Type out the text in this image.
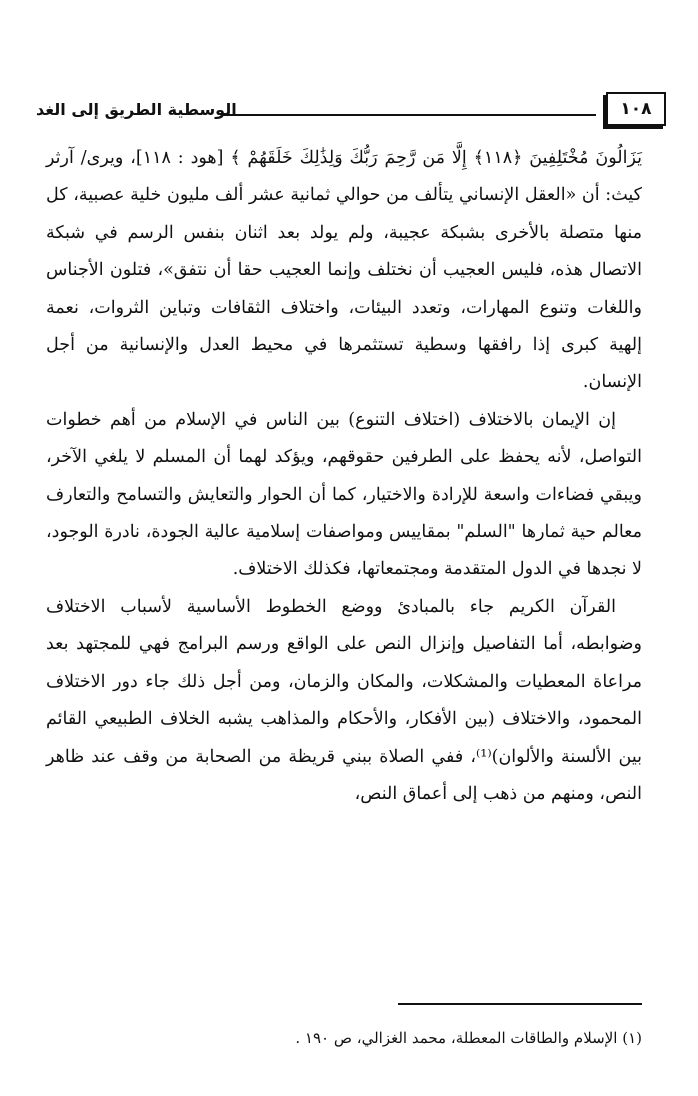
الوسطية الطريق إلى الغد	١٠٨

يَزَالُونَ مُخْتَلِفِينَ ﴿١١٨﴾ إِلَّا مَن رَّحِمَ رَبُّكَ وَلِذَٰلِكَ خَلَقَهُمْ ﴾ [هود : ١١٨]، ويرى/ آرثر كيث: أن «العقل الإنساني يتألف من حوالي ثمانية عشر ألف مليون خلية عصبية، كل منها متصلة بالأخرى بشبكة عجيبة، ولم يولد بعد اثنان بنفس الرسم في شبكة الاتصال هذه، فليس العجيب أن نختلف وإنما العجيب حقا أن نتفق»، فتلون الأجناس واللغات وتنوع المهارات، وتعدد البيئات، واختلاف الثقافات وتباين الثروات، نعمة إلهية كبرى إذا رافقها وسطية تستثمرها في محيط العدل والإنسانية من أجل الإنسان.

إن الإيمان بالاختلاف (اختلاف التنوع) بين الناس في الإسلام من أهم خطوات التواصل، لأنه يحفظ على الطرفين حقوقهم، ويؤكد لهما أن المسلم لا يلغي الآخر، ويبقي فضاءات واسعة للإرادة والاختيار، كما أن الحوار والتعايش والتسامح والتعارف معالم حية ثمارها "السلم" بمقاييس ومواصفات إسلامية عالية الجودة، نادرة الوجود، لا نجدها في الدول المتقدمة ومجتمعاتها، فكذلك الاختلاف.

القرآن الكريم جاء بالمبادئ ووضع الخطوط الأساسية لأسباب الاختلاف وضوابطه، أما التفاصيل وإنزال النص على الواقع ورسم البرامج فهي للمجتهد بعد مراعاة المعطيات والمشكلات، والمكان والزمان، ومن أجل ذلك جاء دور الاختلاف المحمود، والاختلاف (بين الأفكار، والأحكام والمذاهب يشبه الخلاف الطبيعي القائم بين الألسنة والألوان)⁽¹⁾، ففي الصلاة ببني قريظة من الصحابة من وقف عند ظاهر النص، ومنهم من ذهب إلى أعماق النص،

(١) الإسلام والطاقات المعطلة، محمد الغزالي، ص ١٩٠ .
